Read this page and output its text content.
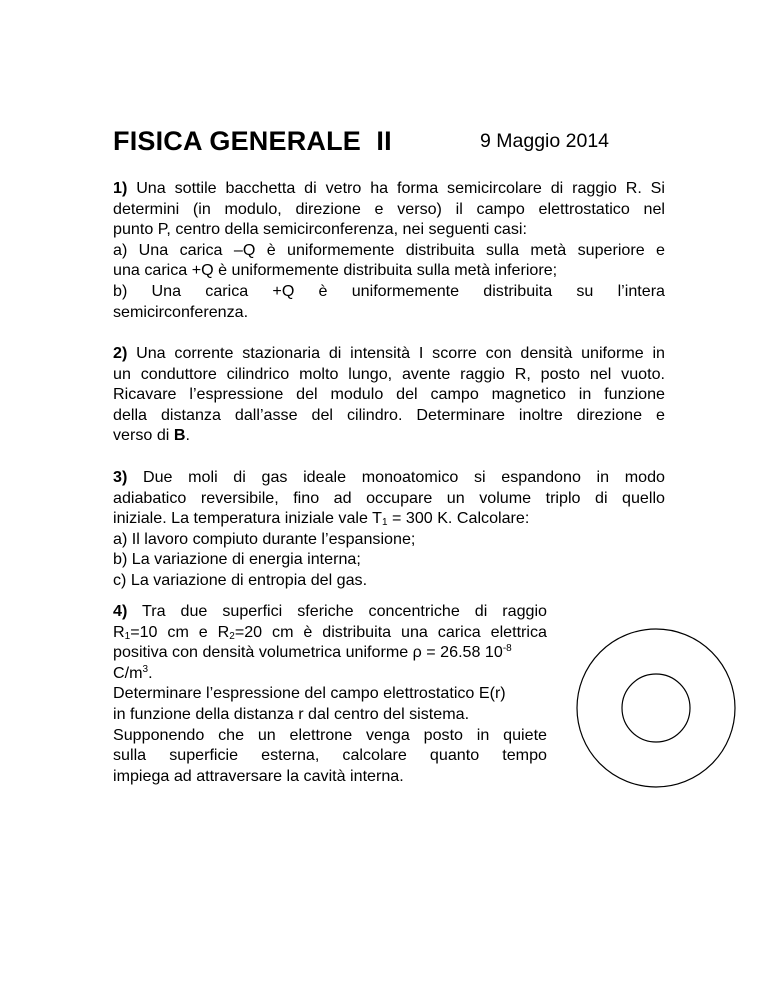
FISICA GENERALE  II	9 Maggio 2014
1) Una sottile bacchetta di vetro ha forma semicircolare di raggio R. Si
determini (in modulo, direzione e verso) il campo elettrostatico nel
punto P, centro della semicirconferenza, nei seguenti casi:
a) Una carica –Q è uniformemente distribuita sulla metà superiore e
una carica +Q è uniformemente distribuita sulla metà inferiore;
b) Una carica +Q è uniformemente distribuita su l’intera
semicirconferenza.
2) Una corrente stazionaria di intensità I scorre con densità uniforme in
un conduttore cilindrico molto lungo, avente raggio R, posto nel vuoto.
Ricavare l’espressione del modulo del campo magnetico in funzione
della distanza dall’asse del cilindro. Determinare inoltre direzione e
verso di B.
3) Due moli di gas ideale monoatomico si espandono in modo
adiabatico reversibile, fino ad occupare un volume triplo di quello
iniziale. La temperatura iniziale vale $T_1 = 300$ K. Calcolare:
a) Il lavoro compiuto durante l’espansione;
b) La variazione di energia interna;
c) La variazione di entropia del gas.
4) Tra due superfici sferiche concentriche di raggio
$R_1=10$ cm e $R_2=20$ cm è distribuita una carica elettrica
positiva con densità volumetrica uniforme ρ = 26.58 $10^{-8}$
$C/m^3$.
Determinare l’espressione del campo elettrostatico E(r)
in funzione della distanza r dal centro del sistema.
Supponendo che un elettrone venga posto in quiete
sulla superficie esterna, calcolare quanto tempo
impiega ad attraversare la cavità interna.
